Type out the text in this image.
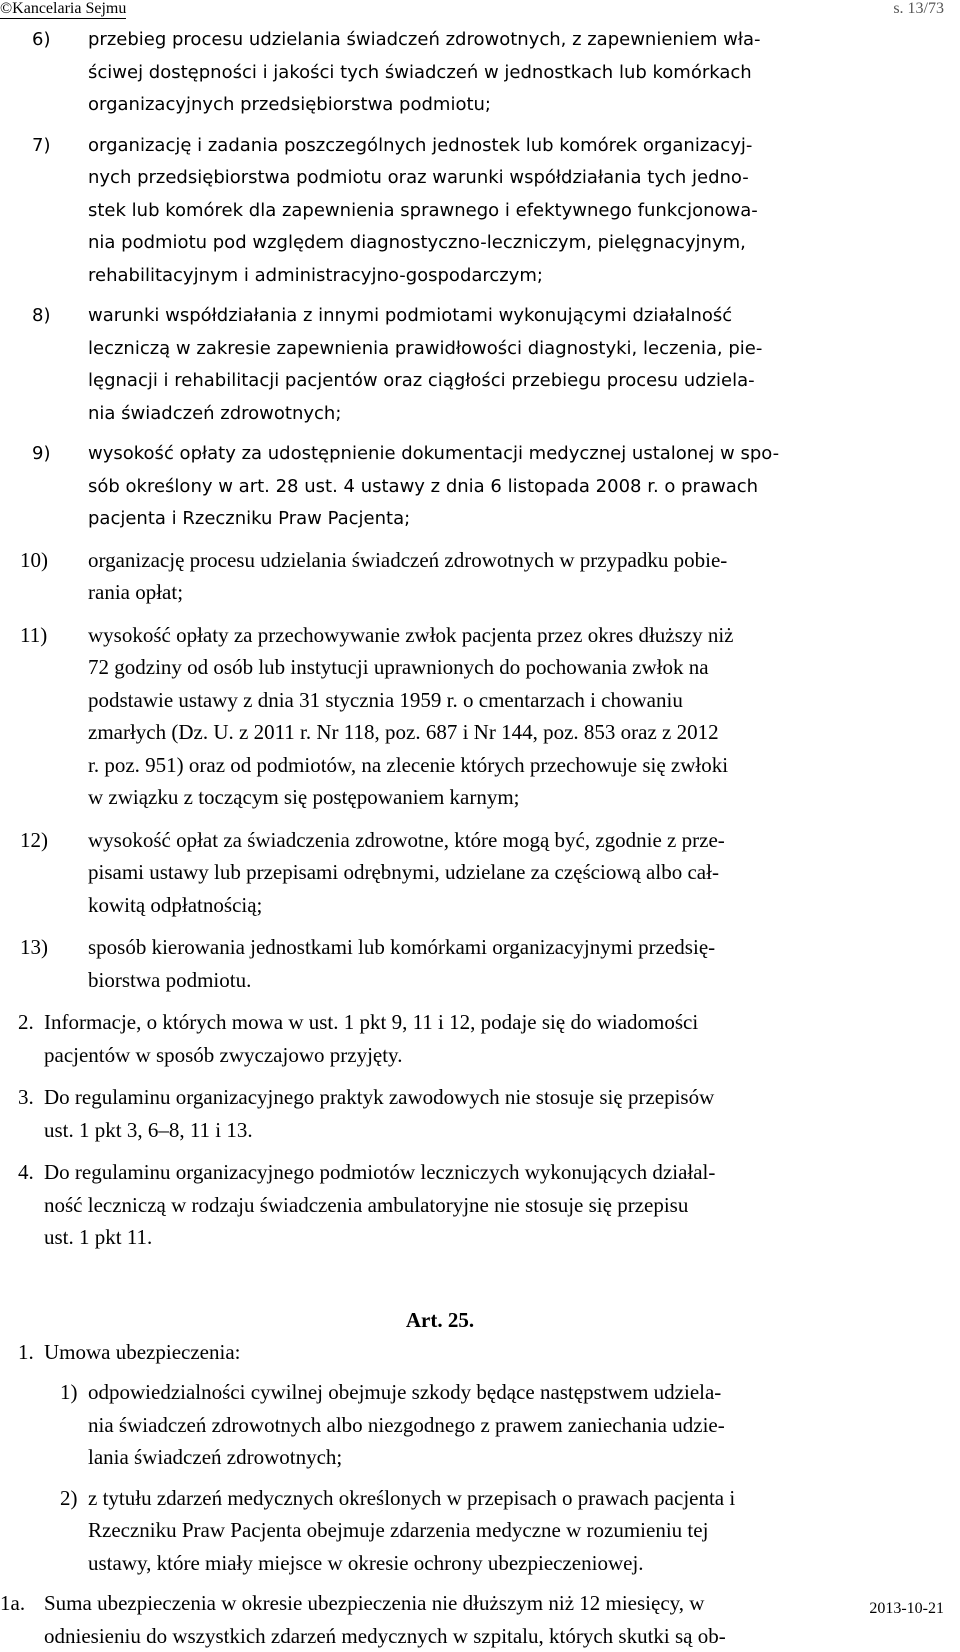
©Kancelaria Sejmu	s. 13/73
6)	przebieg procesu udzielania świadczeń zdrowotnych, z zapewnieniem wła-
ściwej dostępności i jakości tych świadczeń w jednostkach lub komórkach
organizacyjnych przedsiębiorstwa podmiotu;
7)	organizację i zadania poszczególnych jednostek lub komórek organizacyj-
nych przedsiębiorstwa podmiotu oraz warunki współdziałania tych jedno-
stek lub komórek dla zapewnienia sprawnego i efektywnego funkcjonowa-
nia podmiotu pod względem diagnostyczno-leczniczym, pielęgnacyjnym,
rehabilitacyjnym i administracyjno-gospodarczym;
8)	warunki współdziałania z innymi podmiotami wykonującymi działalność
leczniczą w zakresie zapewnienia prawidłowości diagnostyki, leczenia, pie-
lęgnacji i rehabilitacji pacjentów oraz ciągłości przebiegu procesu udziela-
nia świadczeń zdrowotnych;
9)	wysokość opłaty za udostępnienie dokumentacji medycznej ustalonej w spo-
sób określony w art. 28 ust. 4 ustawy z dnia 6 listopada 2008 r. o prawach
pacjenta i Rzeczniku Praw Pacjenta;
10)	organizację procesu udzielania świadczeń zdrowotnych w przypadku pobie-
rania opłat;
11)	wysokość opłaty za przechowywanie zwłok pacjenta przez okres dłuższy niż
72 godziny od osób lub instytucji uprawnionych do pochowania zwłok na
podstawie ustawy z dnia 31 stycznia 1959 r. o cmentarzach i chowaniu
zmarłych (Dz. U. z 2011 r. Nr 118, poz. 687 i Nr 144, poz. 853 oraz z 2012
r. poz. 951) oraz od podmiotów, na zlecenie których przechowuje się zwłoki
w związku z toczącym się postępowaniem karnym;
12)	wysokość opłat za świadczenia zdrowotne, które mogą być, zgodnie z prze-
pisami ustawy lub przepisami odrębnymi, udzielane za częściową albo cał-
kowitą odpłatnością;
13)	sposób kierowania jednostkami lub komórkami organizacyjnymi przedsię-
biorstwa podmiotu.
2. Informacje, o których mowa w ust. 1 pkt 9, 11 i 12, podaje się do wiadomości
pacjentów w sposób zwyczajowo przyjęty.
3. Do regulaminu organizacyjnego praktyk zawodowych nie stosuje się przepisów
ust. 1 pkt 3, 6–8, 11 i 13.
4. Do regulaminu organizacyjnego podmiotów leczniczych wykonujących działal-
ność leczniczą w rodzaju świadczenia ambulatoryjne nie stosuje się przepisu
ust. 1 pkt 11.
Art. 25.
1. Umowa ubezpieczenia:
1) odpowiedzialności cywilnej obejmuje szkody będące następstwem udziela-
nia świadczeń zdrowotnych albo niezgodnego z prawem zaniechania udzie-
lania świadczeń zdrowotnych;
2) z tytułu zdarzeń medycznych określonych w przepisach o prawach pacjenta i
Rzeczniku Praw Pacjenta obejmuje zdarzenia medyczne w rozumieniu tej
ustawy, które miały miejsce w okresie ochrony ubezpieczeniowej.
1a. Suma ubezpieczenia w okresie ubezpieczenia nie dłuższym niż 12 miesięcy, w
odniesieniu do wszystkich zdarzeń medycznych w szpitalu, których skutki są ob-
2013-10-21
